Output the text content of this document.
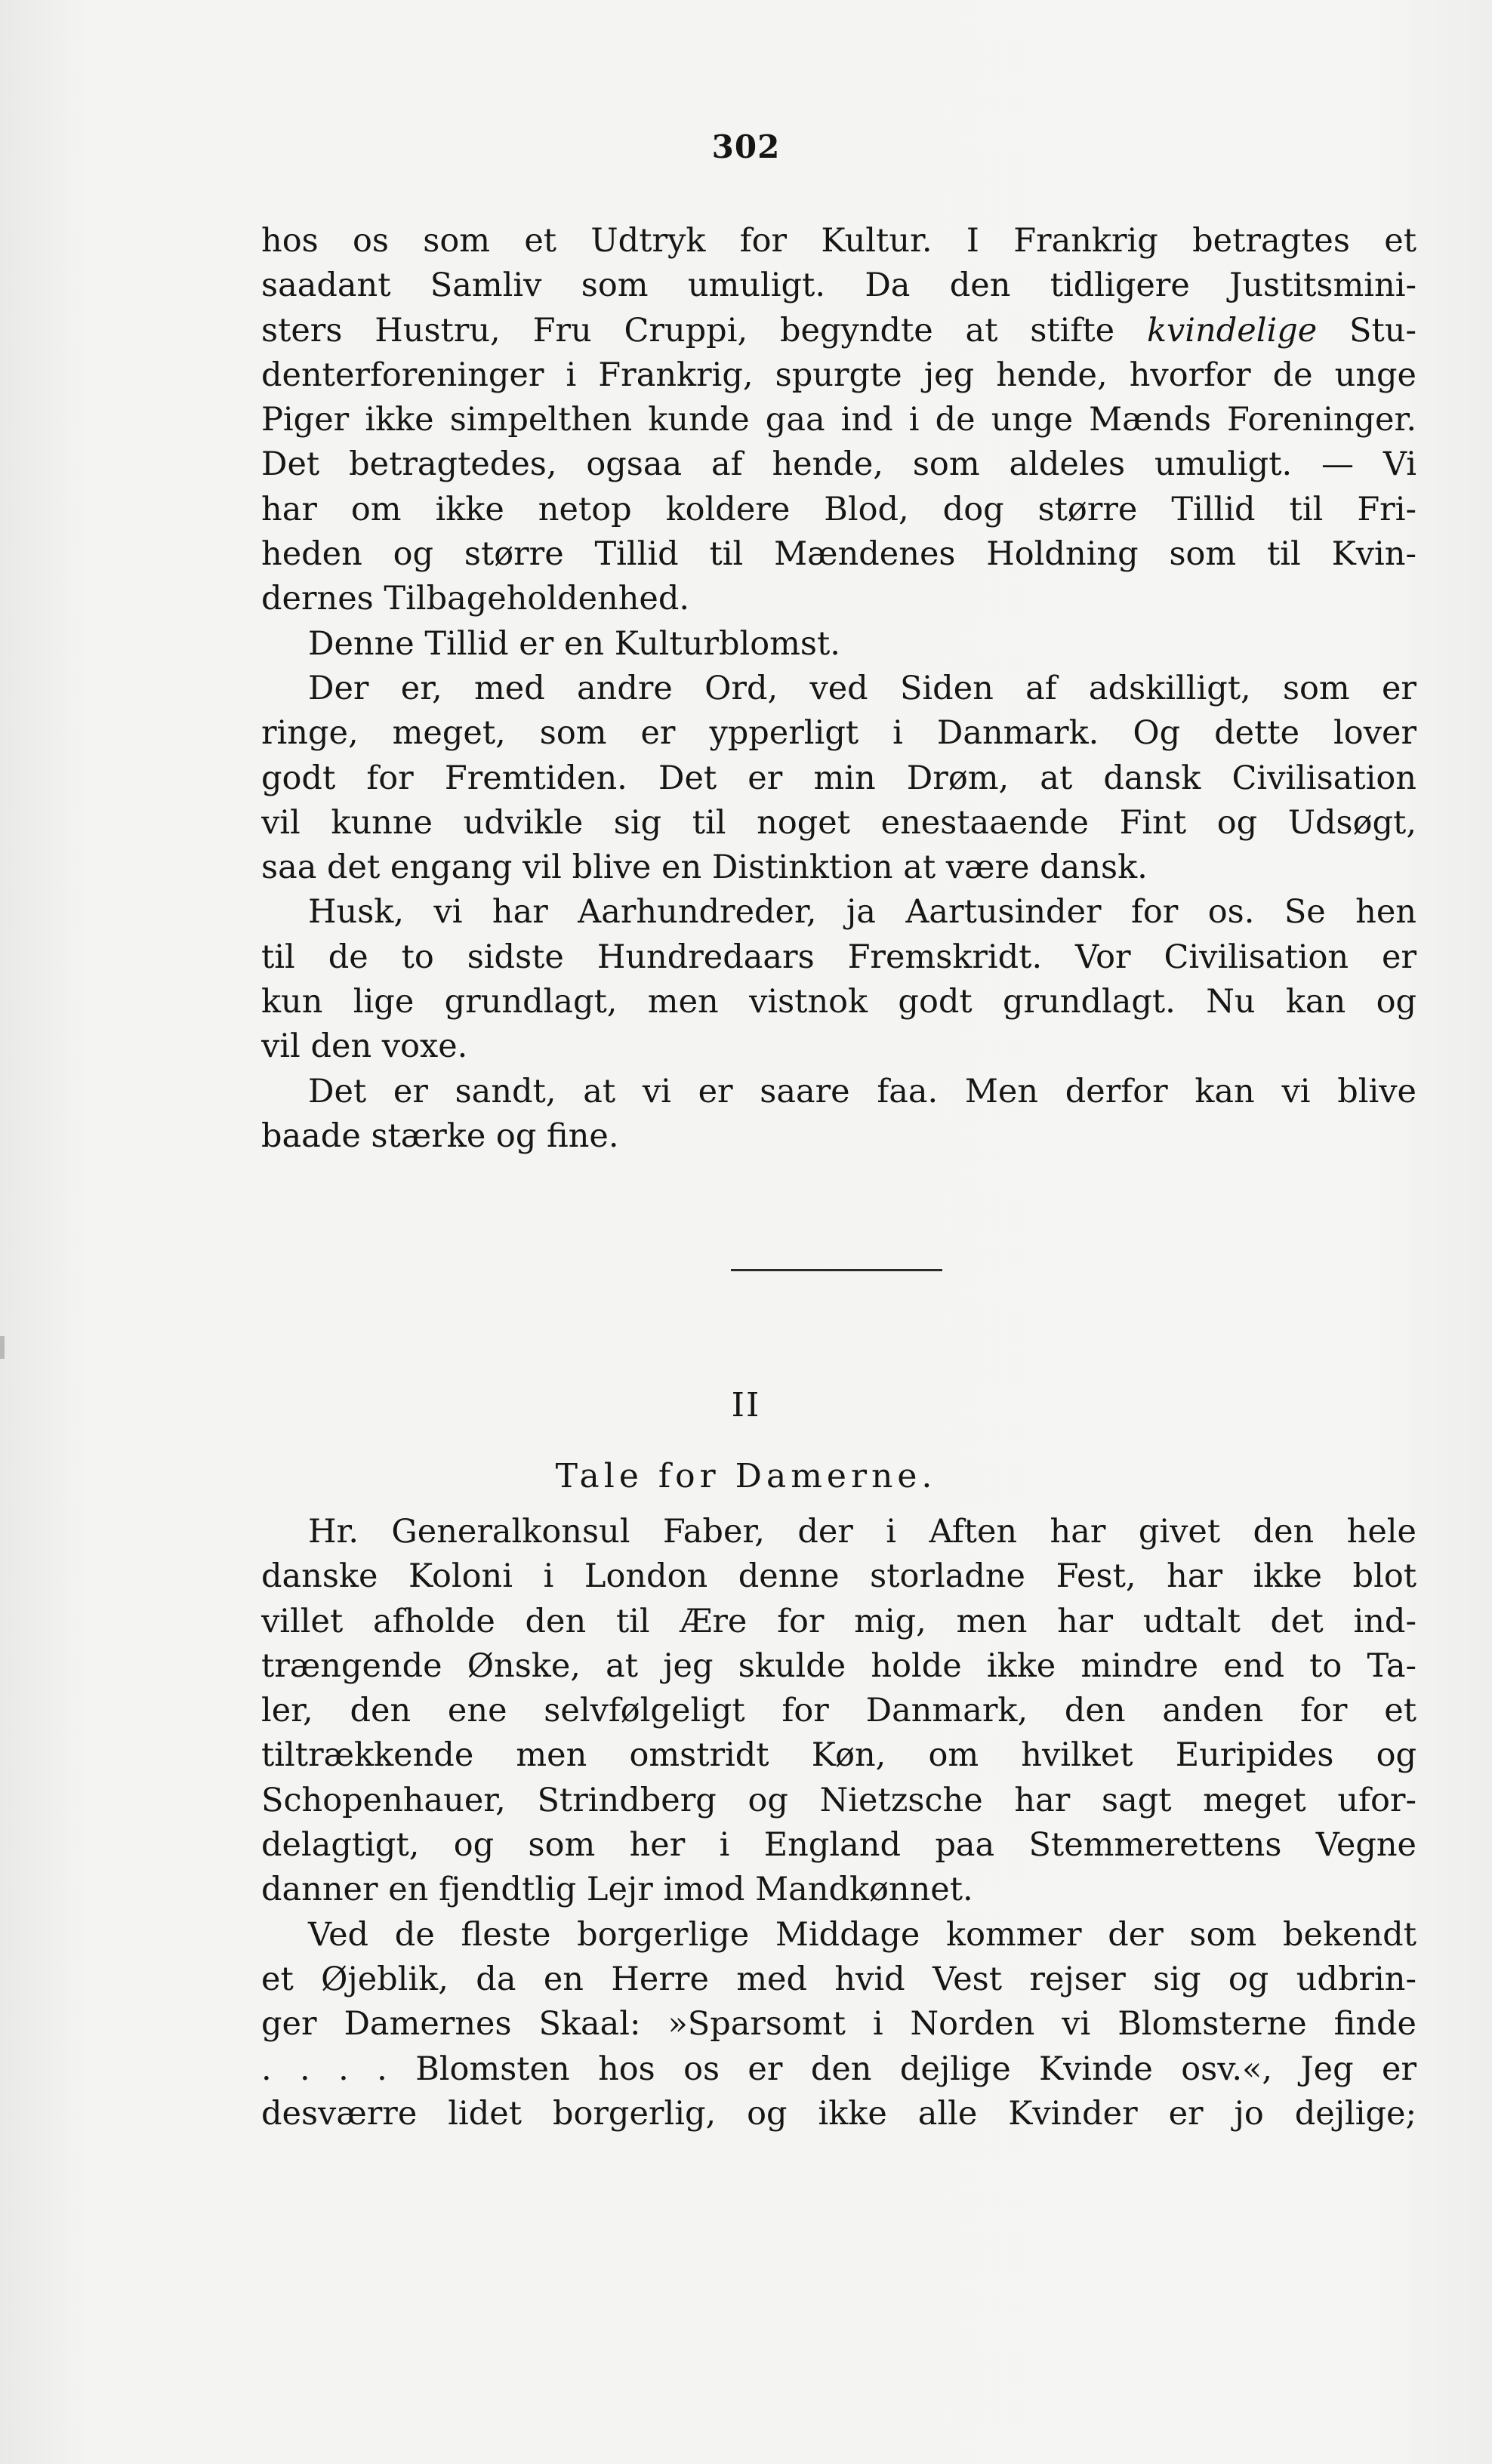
302
hos os som et Udtryk for Kultur. I Frankrig betragtes et
saadant Samliv som umuligt. Da den tidligere Justitsmini-
sters Hustru, Fru Cruppi, begyndte at stifte kvindelige Stu-
denterforeninger i Frankrig, spurgte jeg hende, hvorfor de unge
Piger ikke simpelthen kunde gaa ind i de unge Mænds Foreninger.
Det betragtedes, ogsaa af hende, som aldeles umuligt. — Vi
har om ikke netop koldere Blod, dog større Tillid til Fri-
heden og større Tillid til Mændenes Holdning som til Kvin-
dernes Tilbageholdenhed.
Denne Tillid er en Kulturblomst.
Der er, med andre Ord, ved Siden af adskilligt, som er
ringe, meget, som er ypperligt i Danmark. Og dette lover
godt for Fremtiden. Det er min Drøm, at dansk Civilisation
vil kunne udvikle sig til noget enestaaende Fint og Udsøgt,
saa det engang vil blive en Distinktion at være dansk.
Husk, vi har Aarhundreder, ja Aartusinder for os. Se hen
til de to sidste Hundredaars Fremskridt. Vor Civilisation er
kun lige grundlagt, men vistnok godt grundlagt. Nu kan og
vil den voxe.
Det er sandt, at vi er saare faa. Men derfor kan vi blive
baade stærke og fine.
II
Tale for Damerne.
Hr. Generalkonsul Faber, der i Aften har givet den hele
danske Koloni i London denne storladne Fest, har ikke blot
villet afholde den til Ære for mig, men har udtalt det ind-
trængende Ønske, at jeg skulde holde ikke mindre end to Ta-
ler, den ene selvfølgeligt for Danmark, den anden for et
tiltrækkende men omstridt Køn, om hvilket Euripides og
Schopenhauer, Strindberg og Nietzsche har sagt meget ufor-
delagtigt, og som her i England paa Stemmerettens Vegne
danner en fjendtlig Lejr imod Mandkønnet.
Ved de fleste borgerlige Middage kommer der som bekendt
et Øjeblik, da en Herre med hvid Vest rejser sig og udbrin-
ger Damernes Skaal: »Sparsomt i Norden vi Blomsterne finde
. . . . Blomsten hos os er den dejlige Kvinde osv.«, Jeg er
desværre lidet borgerlig, og ikke alle Kvinder er jo dejlige;
